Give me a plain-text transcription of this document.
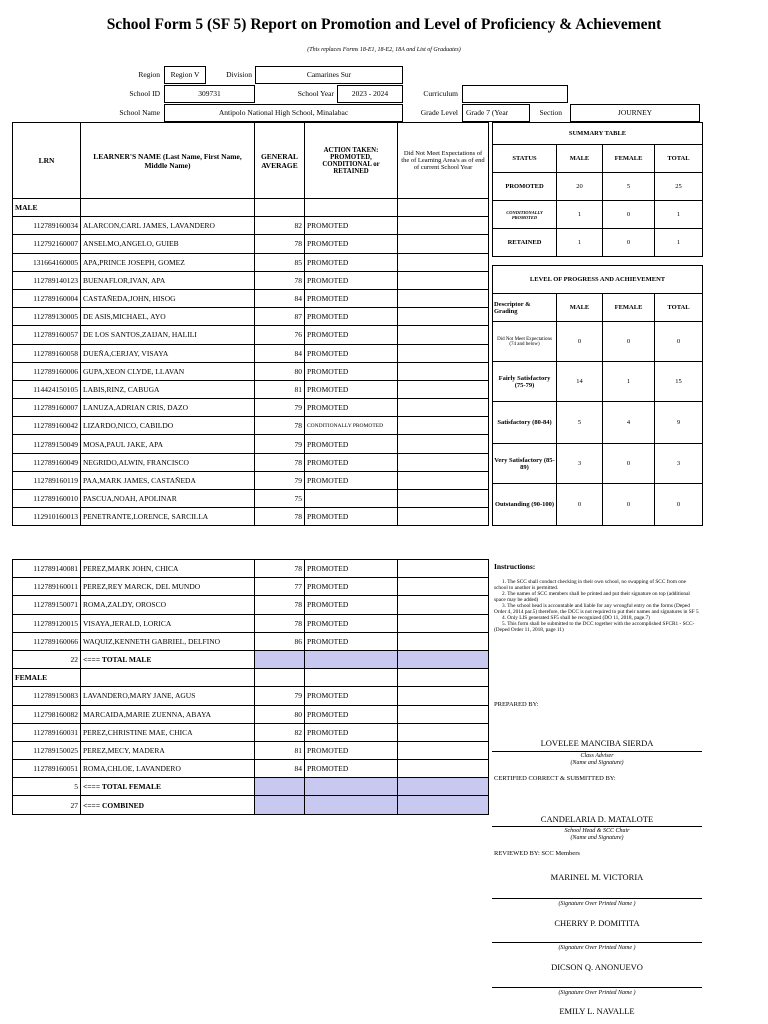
School Form 5 (SF 5) Report on Promotion and Level of Proficiency & Achievement
(This replaces Forms 18-E1, 18-E2, 18A and List of Graduates)
Region	Region V	Division	Camarines Sur
School ID	309731	School Year	2023 - 2024	Curriculum
School Name	Antipolo National High School, Minalabac	Grade Level	Grade 7 (Year	Section	JOURNEY
LRN	LEARNER'S NAME (Last Name, First Name, Middle Name)	GENERAL AVERAGE	ACTION TAKEN: PROMOTED, CONDITIONAL or RETAINED	Did Not Meet Expectations of the of Learning Area/s as of end of current School Year
MALE				
112789160034	ALARCON,CARL JAMES, LAVANDERO	82	PROMOTED	
112792160007	ANSELMO,ANGELO, GUIEB	78	PROMOTED	
131664160005	APA,PRINCE JOSEPH, GOMEZ	85	PROMOTED	
112789140123	BUENAFLOR,IVAN, APA	78	PROMOTED	
112789160004	CASTAÑEDA,JOHN, HISOG	84	PROMOTED	
112789130005	DE ASIS,MICHAEL, AYO	87	PROMOTED	
112789160057	DE LOS SANTOS,ZAIJAN, HALILI	76	PROMOTED	
112789160058	DUEÑA,CERJAY, VISAYA	84	PROMOTED	
112789160006	GUPA,XEON CLYDE, LLAVAN	80	PROMOTED	
114424150105	LABIS,RINZ, CABUGA	81	PROMOTED	
112789160007	LANUZA,ADRIAN CRIS, DAZO	79	PROMOTED	
112789160042	LIZARDO,NICO, CABILDO	78	CONDITIONALLY PROMOTED	
112789150049	MOSA,PAUL JAKE, APA	79	PROMOTED	
112789160049	NEGRIDO,ALWIN, FRANCISCO	78	PROMOTED	
112789160119	PAA,MARK JAMES, CASTAÑEDA	79	PROMOTED	
112789160010	PASCUA,NOAH, APOLINAR	75		
112910160013	PENETRANTE,LORENCE, SARCILLA	78	PROMOTED	
112789140081	PEREZ,MARK JOHN, CHICA	78	PROMOTED	
112789160011	PEREZ,REY MARCK, DEL MUNDO	77	PROMOTED	
112789150071	ROMA,ZALDY, OROSCO	78	PROMOTED	
112789120015	VISAYA,JERALD, LORICA	78	PROMOTED	
112789160066	WAQUIZ,KENNETH GABRIEL, DELFINO	86	PROMOTED	
22	<=== TOTAL MALE			
FEMALE				
112789150083	LAVANDERO,MARY JANE, AGUS	79	PROMOTED	
112798160082	MARCAIDA,MARIE ZUENNA, ABAYA	80	PROMOTED	
112789160031	PEREZ,CHRISTINE MAE, CHICA	82	PROMOTED	
112789150025	PEREZ,MECY, MADERA	81	PROMOTED	
112789160051	ROMA,CHLOE, LAVANDERO	84	PROMOTED	
5	<=== TOTAL FEMALE			
27	<=== COMBINED			
SUMMARY TABLE			
STATUS	MALE	FEMALE	TOTAL
PROMOTED	20	5	25
CONDITIONALLY PROMOTED	1	0	1
RETAINED	1	0	1
LEVEL OF PROGRESS AND ACHIEVEMENT			
Descriptor & Grading	MALE	FEMALE	TOTAL
Did Not Meet Expectations (74 and below)	0	0	0
Fairly Satisfactory (75-79)	14	1	15
Satisfactory (80-84)	5	4	9
Very Satisfactory (85-89)	3	0	3
Outstanding (90-100)	0	0	0
Instructions:

1. The SCC shall conduct checking in their own school, no swapping of SCC from one school to another is permitted.

2. The names of SCC members shall be printed and put their signature on top (additional space may be added)

3. The school head is accountable and liable for any wrongful entry on the forms (Deped Order 4, 2014 par.5) therefore, the DCC is not required to put their names and signatures in SF 5

4. Only LIS generated SF5 shall be recognized (DO 11, 2018, page.7)

5. This form shall be submitted to the DCC together with the accomplished SFCR1 - SCC- (Deped Order 11, 2018, page 11)

PREPARED BY:
LOVELEE MANCIBA SIERDA
Class Adviser
(Name and Signature)
CERTIFIED CORRECT & SUBMITTED BY:
CANDELARIA D. MATALOTE
School Head & SCC Chair
(Name and Signature)
REVIEWED BY: SCC Members
MARINEL M. VICTORIA
(Signature Over Printed Name )
CHERRY P. DOMITITA
(Signature Over Printed Name )
DICSON Q. ANONUEVO
(Signature Over Printed Name )
EMILY L. NAVALLE
